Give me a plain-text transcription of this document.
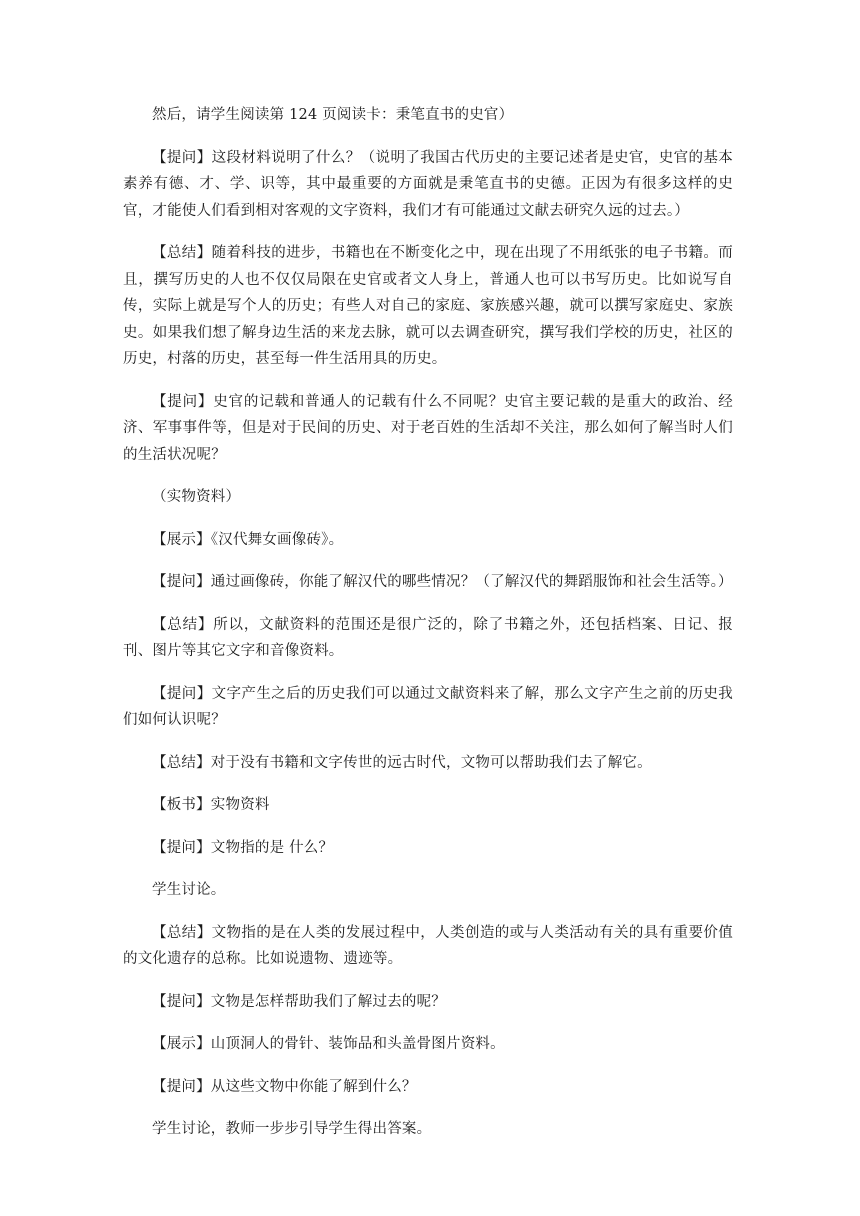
然后，请学生阅读第 124 页阅读卡：秉笔直书的史官）

【提问】这段材料说明了什么？（说明了我国古代历史的主要记述者是史官，史官的基本素养有德、才、学、识等，其中最重要的方面就是秉笔直书的史德。正因为有很多这样的史官，才能使人们看到相对客观的文字资料，我们才有可能通过文献去研究久远的过去。）

【总结】随着科技的进步，书籍也在不断变化之中，现在出现了不用纸张的电子书籍。而且，撰写历史的人也不仅仅局限在史官或者文人身上，普通人也可以书写历史。比如说写自传，实际上就是写个人的历史；有些人对自己的家庭、家族感兴趣，就可以撰写家庭史、家族史。如果我们想了解身边生活的来龙去脉，就可以去调查研究，撰写我们学校的历史，社区的历史，村落的历史，甚至每一件生活用具的历史。

【提问】史官的记载和普通人的记载有什么不同呢？史官主要记载的是重大的政治、经济、军事事件等，但是对于民间的历史、对于老百姓的生活却不关注，那么如何了解当时人们的生活状况呢？

（实物资料）

【展示】《汉代舞女画像砖》。

【提问】通过画像砖，你能了解汉代的哪些情况？（了解汉代的舞蹈服饰和社会生活等。）

【总结】所以，文献资料的范围还是很广泛的，除了书籍之外，还包括档案、日记、报刊、图片等其它文字和音像资料。

【提问】文字产生之后的历史我们可以通过文献资料来了解，那么文字产生之前的历史我们如何认识呢？

【总结】对于没有书籍和文字传世的远古时代，文物可以帮助我们去了解它。

【板书】实物资料

【提问】文物指的是 什么？

学生讨论。

【总结】文物指的是在人类的发展过程中，人类创造的或与人类活动有关的具有重要价值的文化遗存的总称。比如说遗物、遗迹等。

【提问】文物是怎样帮助我们了解过去的呢？

【展示】山顶洞人的骨针、装饰品和头盖骨图片资料。

【提问】从这些文物中你能了解到什么？

学生讨论，教师一步步引导学生得出答案。
